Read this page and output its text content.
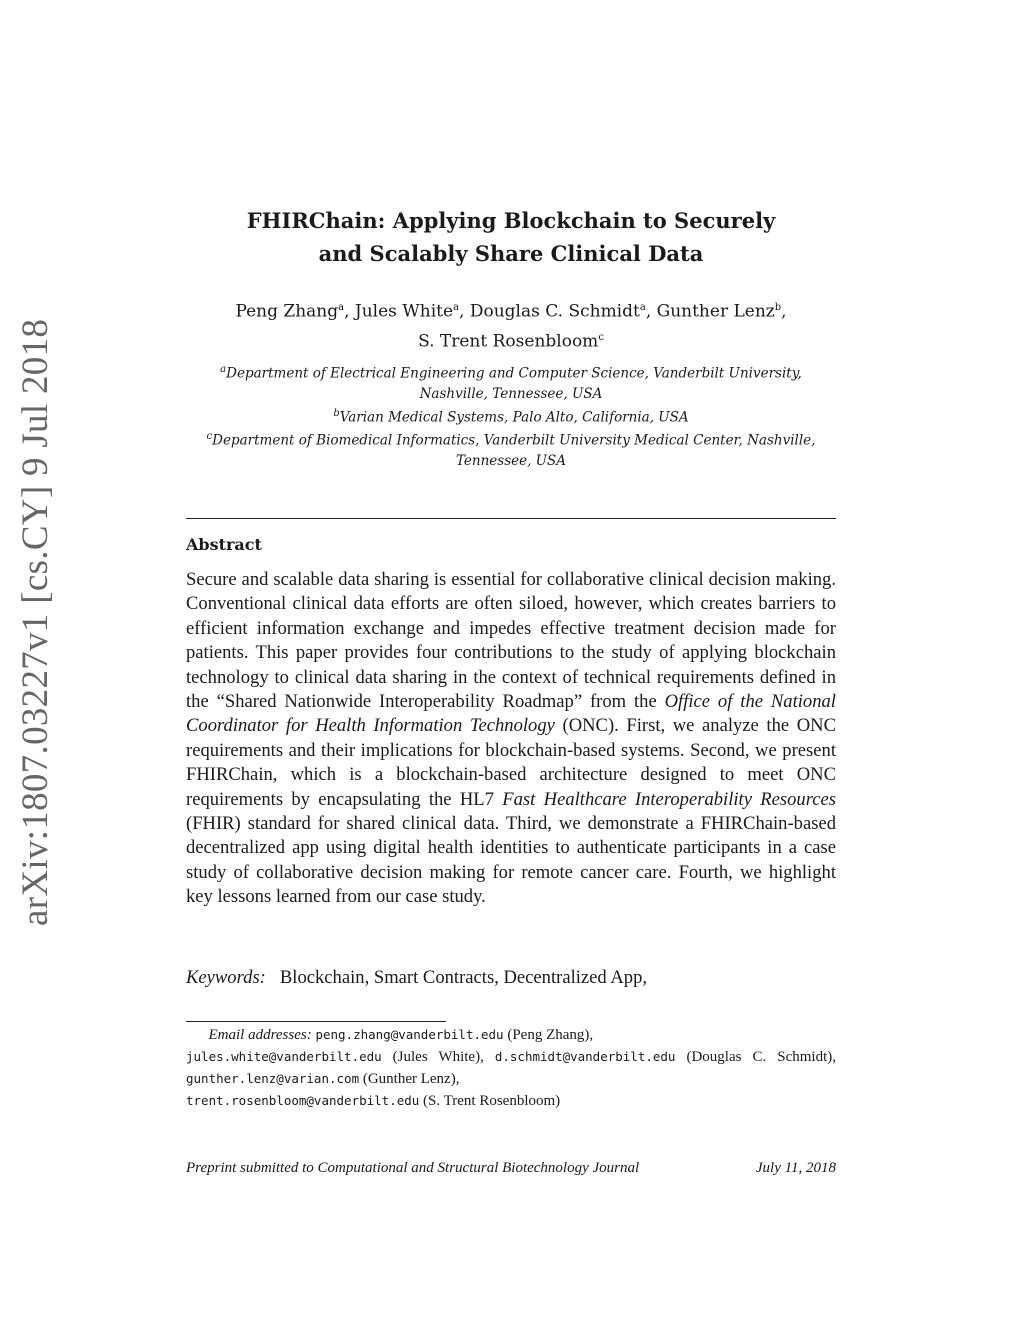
arXiv:1807.03227v1 [cs.CY] 9 Jul 2018
FHIRChain: Applying Blockchain to Securely
and Scalably Share Clinical Data
Peng Zhang$^a$, Jules White$^a$, Douglas C. Schmidt$^a$, Gunther Lenz$^b$,
S. Trent Rosenbloom$^c$
$^a$Department of Electrical Engineering and Computer Science, Vanderbilt University, Nashville, Tennessee, USA
$^b$Varian Medical Systems, Palo Alto, California, USA
$^c$Department of Biomedical Informatics, Vanderbilt University Medical Center, Nashville, Tennessee, USA
Abstract
Secure and scalable data sharing is essential for collaborative clinical decision making. Conventional clinical data efforts are often siloed, however, which creates barriers to efficient information exchange and impedes effective treatment decision made for patients. This paper provides four contributions to the study of applying blockchain technology to clinical data sharing in the context of technical requirements defined in the “Shared Nationwide Interoperability Roadmap” from the Office of the National Coordinator for Health Information Technology (ONC). First, we analyze the ONC requirements and their implications for blockchain-based systems. Second, we present FHIRChain, which is a blockchain-based architecture designed to meet ONC requirements by encapsulating the HL7 Fast Healthcare Interoperability Resources (FHIR) standard for shared clinical data. Third, we demonstrate a FHIRChain-based decentralized app using digital health identities to authenticate participants in a case study of collaborative decision making for remote cancer care. Fourth, we highlight key lessons learned from our case study.
Keywords: Blockchain, Smart Contracts, Decentralized App,
Email addresses: peng.zhang@vanderbilt.edu (Peng Zhang),
jules.white@vanderbilt.edu (Jules White), d.schmidt@vanderbilt.edu (Douglas C. Schmidt), gunther.lenz@varian.com (Gunther Lenz),
trent.rosenbloom@vanderbilt.edu (S. Trent Rosenbloom)
Preprint submitted to Computational and Structural Biotechnology Journal	July 11, 2018
